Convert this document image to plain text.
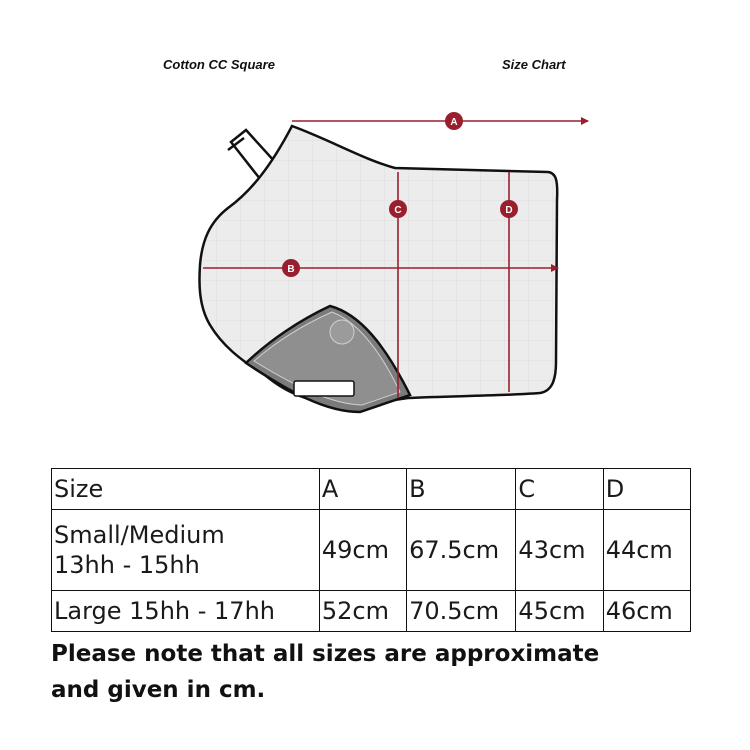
Cotton CC Square	Size Chart
A
B
C	D
Size	A	B	C	D

Small/Medium
13hh - 15hh	49cm	67.5cm	43cm	44cm
Large 15hh - 17hh	52cm	70.5cm	45cm	46cm
Please note that all sizes are approximate
and given in cm.
